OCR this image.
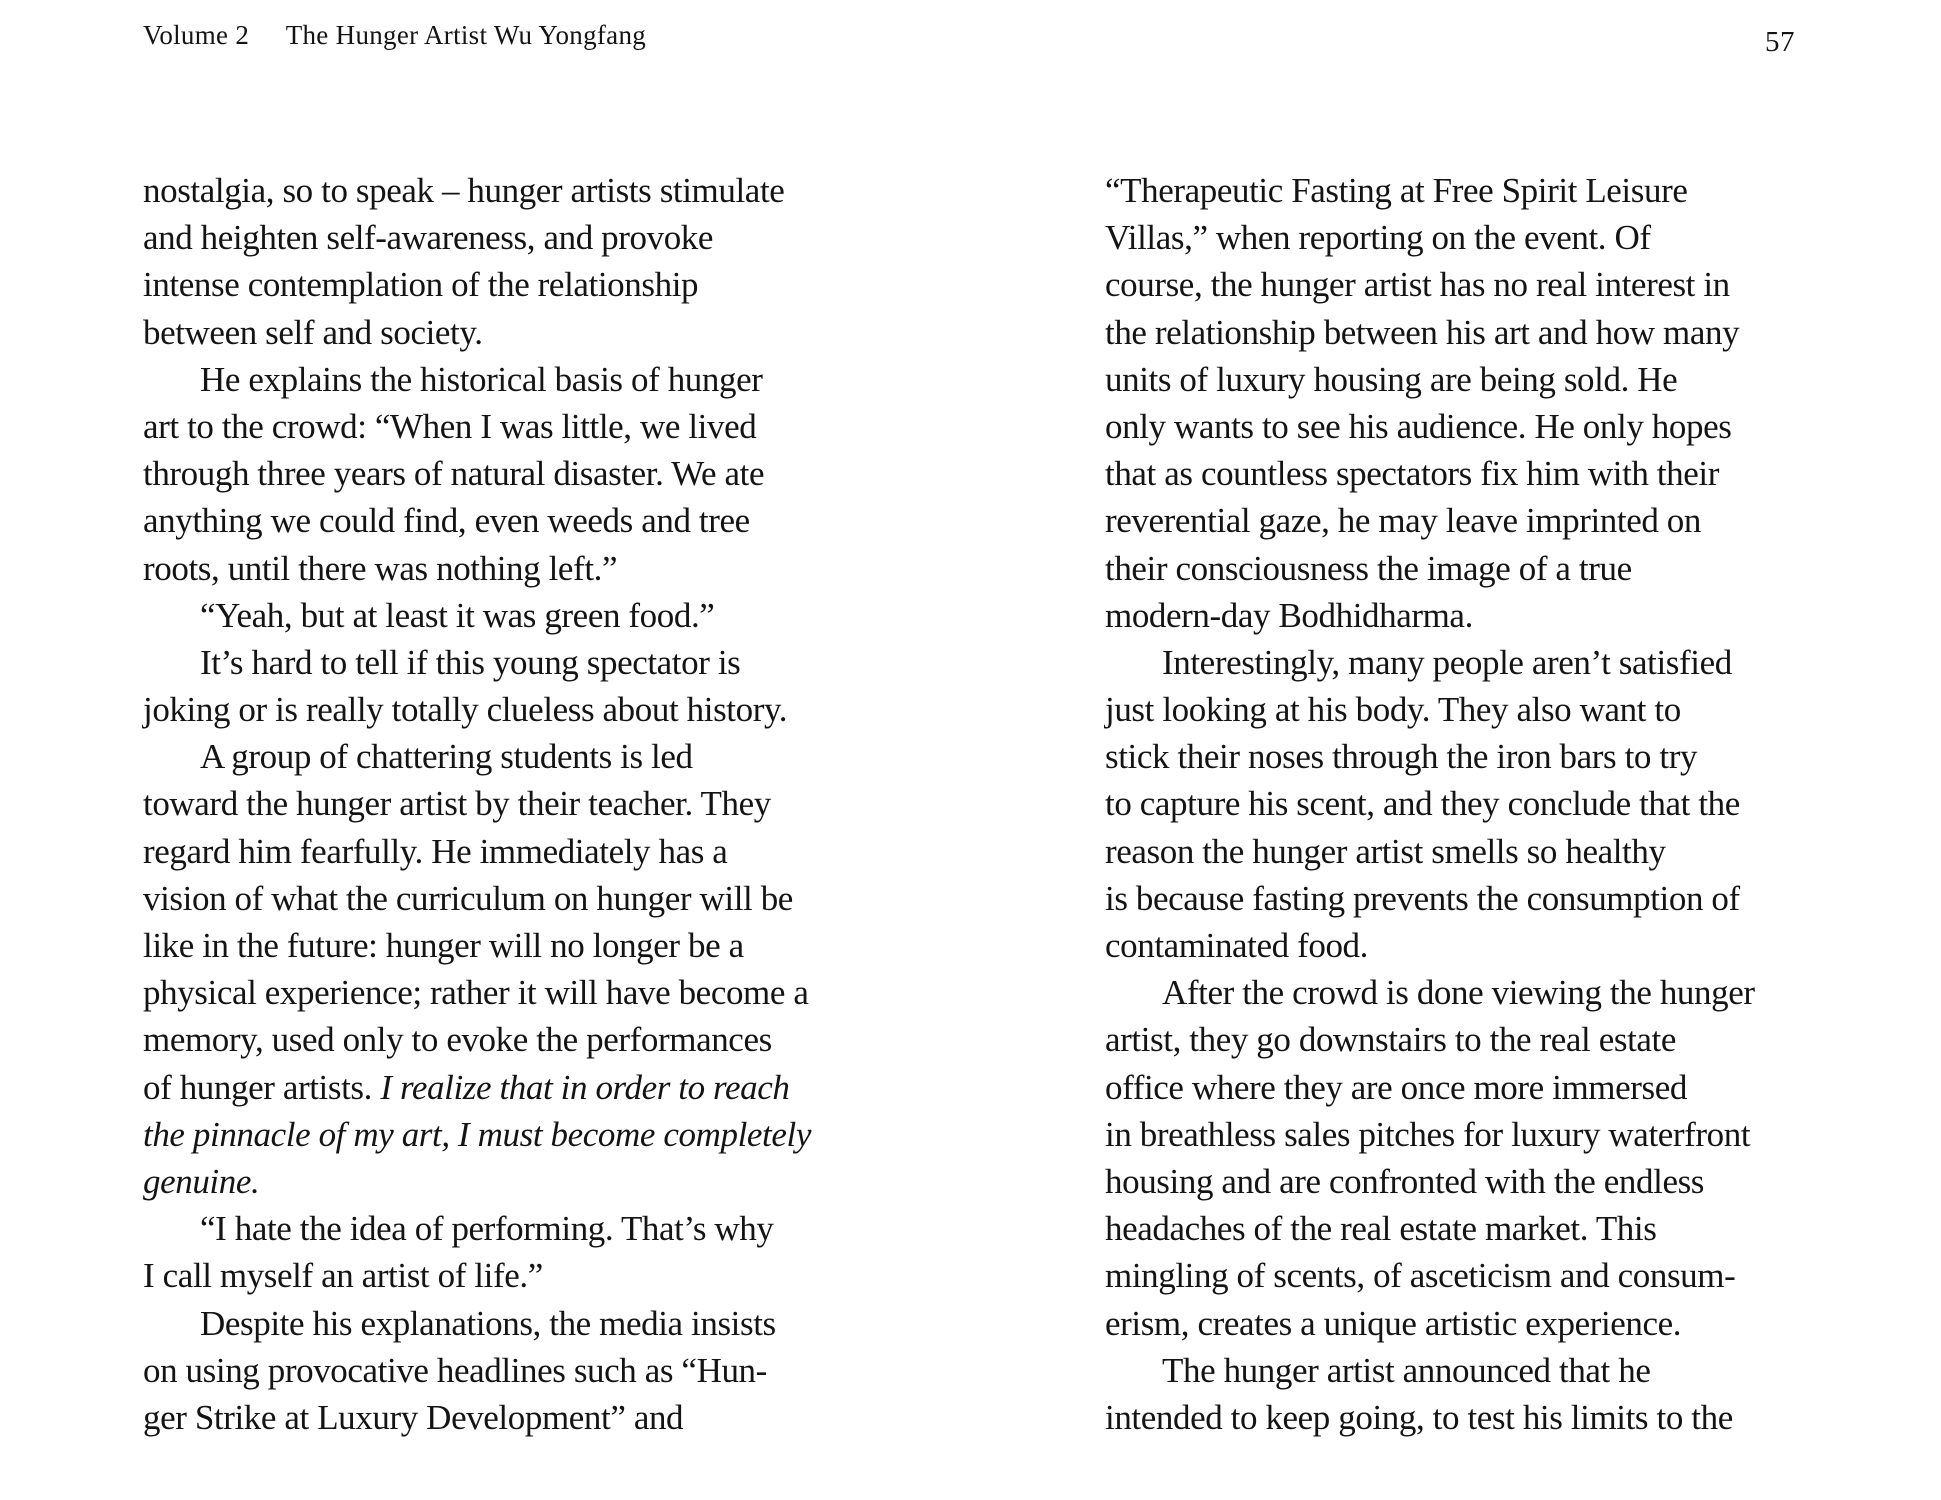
Volume 2 The Hunger Artist Wu Yongfang	57
nostalgia, so to speak – hunger artists stimulate
and heighten self-awareness, and provoke
intense contemplation of the relationship
between self and society.
He explains the historical basis of hunger
art to the crowd: “When I was little, we lived
through three years of natural disaster. We ate
anything we could find, even weeds and tree
roots, until there was nothing left.”
“Yeah, but at least it was green food.”
It’s hard to tell if this young spectator is
joking or is really totally clueless about history.
A group of chattering students is led
toward the hunger artist by their teacher. They
regard him fearfully. He immediately has a
vision of what the curriculum on hunger will be
like in the future: hunger will no longer be a
physical experience; rather it will have become a
memory, used only to evoke the performances
of hunger artists. I realize that in order to reach
the pinnacle of my art, I must become completely
genuine.
“I hate the idea of performing. That’s why
I call myself an artist of life.”
Despite his explanations, the media insists
on using provocative headlines such as “Hun-
ger Strike at Luxury Development” and
“Therapeutic Fasting at Free Spirit Leisure
Villas,” when reporting on the event. Of
course, the hunger artist has no real interest in
the relationship between his art and how many
units of luxury housing are being sold. He
only wants to see his audience. He only hopes
that as countless spectators fix him with their
reverential gaze, he may leave imprinted on
their consciousness the image of a true
modern-day Bodhidharma.
Interestingly, many people aren’t satisfied
just looking at his body. They also want to
stick their noses through the iron bars to try
to capture his scent, and they conclude that the
reason the hunger artist smells so healthy
is because fasting prevents the consumption of
contaminated food.
After the crowd is done viewing the hunger
artist, they go downstairs to the real estate
office where they are once more immersed
in breathless sales pitches for luxury waterfront
housing and are confronted with the endless
headaches of the real estate market. This
mingling of scents, of asceticism and consum-
erism, creates a unique artistic experience.
The hunger artist announced that he
intended to keep going, to test his limits to the
